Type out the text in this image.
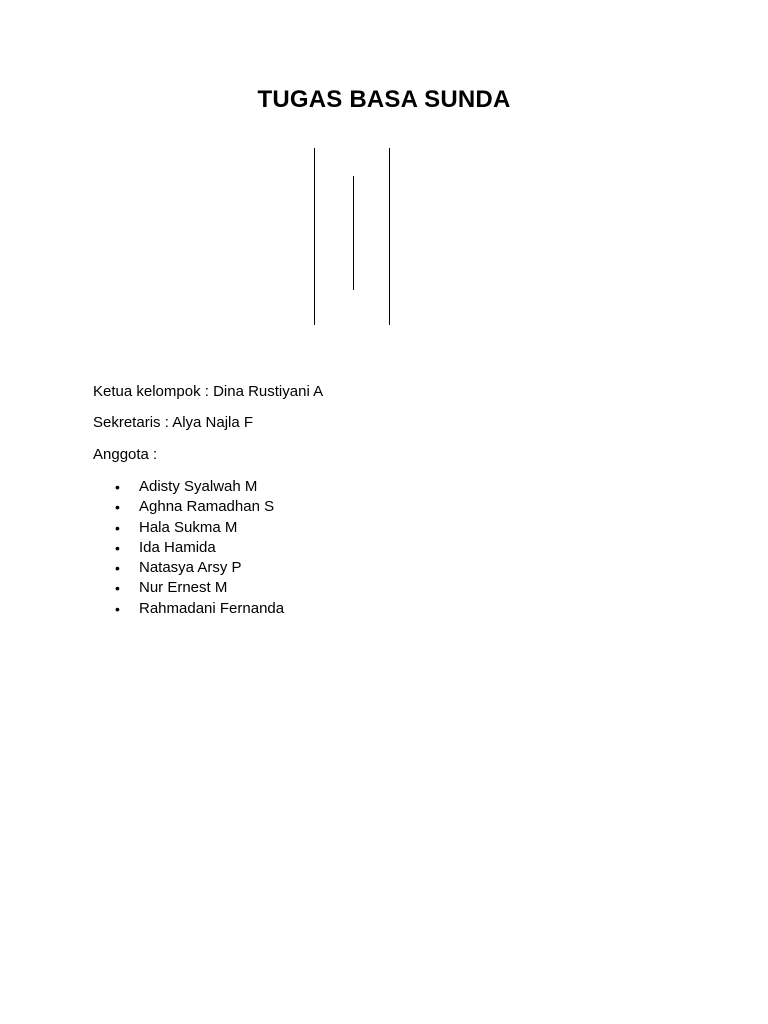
TUGAS BASA SUNDA

Ketua kelompok : Dina Rustiyani A

Sekretaris : Alya Najla F

Anggota :

• Adisty Syalwah M
• Aghna Ramadhan S
• Hala Sukma M
• Ida Hamida
• Natasya Arsy P
• Nur Ernest M
• Rahmadani Fernanda
